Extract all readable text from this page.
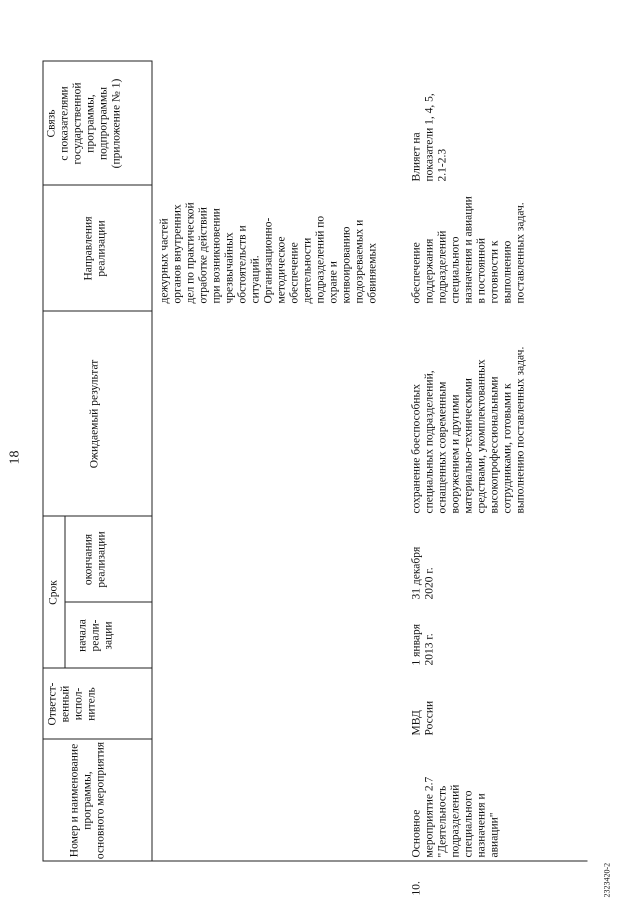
18
Номер и наименование
программы,
основного мероприятия
Ответст-
венный
испол-
нитель
Срок
начала
реали-
зации
окончания
реализации
Ожидаемый результат
Направления
реализации
Связь
с показателями
государственной
программы,
подпрограммы
(приложение № 1)
дежурных частей
органов внутренних
дел по практической
отработке действий
при возникновении
чрезвычайных
обстоятельств и
ситуаций.
Организационно-
методическое
обеспечение
деятельности
подразделений по
охране и
конвоированию
подозреваемых и
обвиняемых
10.
Основное
мероприятие 2.7
"Деятельность
подразделений
специального
назначения и
авиации"
МВД
России
1 января
2013 г.
31 декабря
2020 г.
сохранение боеспособных
специальных подразделений,
оснащенных современным
вооружением и другими
материально-техническими
средствами, укомплектованных
высокопрофессиональными
сотрудниками, готовыми к
выполнению поставленных задач.
обеспечение
поддержания
подразделений
специального
назначения и авиации
в постоянной
готовности к
выполнению
поставленных задач.
Влияет на
показатели 1, 4, 5,
2.1-2.3
2323420-2
